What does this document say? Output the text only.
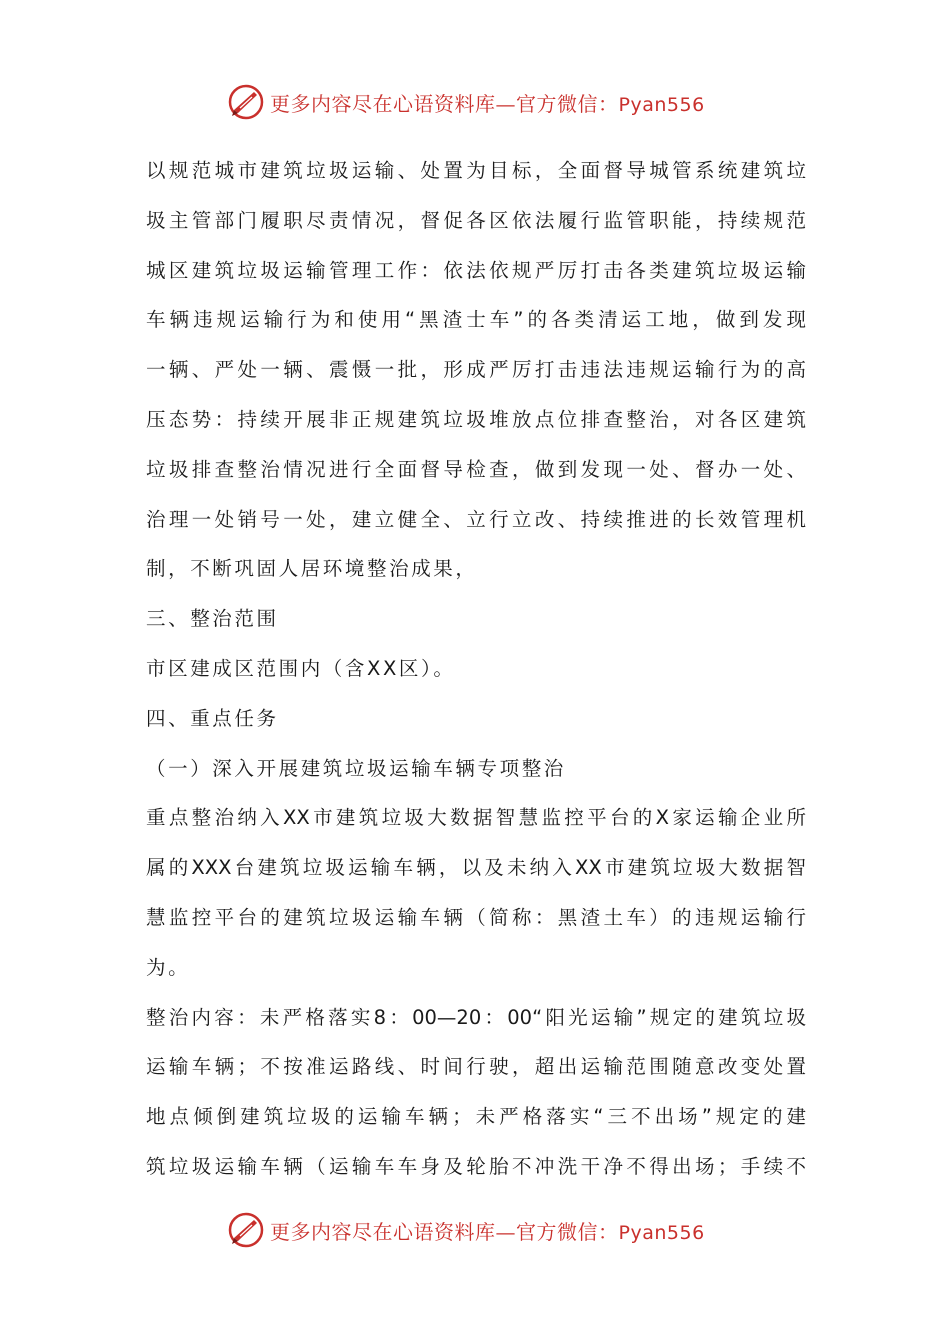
更多内容尽在心语资料库—官方微信：Pyan556
以规范城市建筑垃圾运输、处置为目标，全面督导城管系统建筑垃
圾主管部门履职尽责情况，督促各区依法履行监管职能，持续规范
城区建筑垃圾运输管理工作：依法依规严厉打击各类建筑垃圾运输
车辆违规运输行为和使用“黑渣士车”的各类清运工地，做到发现
一辆、严处一辆、震慑一批，形成严厉打击违法违规运输行为的高
压态势：持续开展非正规建筑垃圾堆放点位排查整治，对各区建筑
垃圾排查整治情况进行全面督导检查，做到发现一处、督办一处、
治理一处销号一处，建立健全、立行立改、持续推进的长效管理机
制，不断巩固人居环境整治成果，
三、整治范围
市区建成区范围内（含XX区）。
四、重点任务
（一）深入开展建筑垃圾运输车辆专项整治
重点整治纳入XX市建筑垃圾大数据智慧监控平台的X家运输企业所
属的XXX台建筑垃圾运输车辆，以及未纳入XX市建筑垃圾大数据智
慧监控平台的建筑垃圾运输车辆（简称：黑渣土车）的违规运输行
为。
整治内容：未严格落实8：00—20：00“阳光运输”规定的建筑垃圾
运输车辆；不按准运路线、时间行驶，超出运输范围随意改变处置
地点倾倒建筑垃圾的运输车辆；未严格落实“三不出场”规定的建
筑垃圾运输车辆（运输车车身及轮胎不冲洗干净不得出场；手续不
更多内容尽在心语资料库—官方微信：Pyan556
